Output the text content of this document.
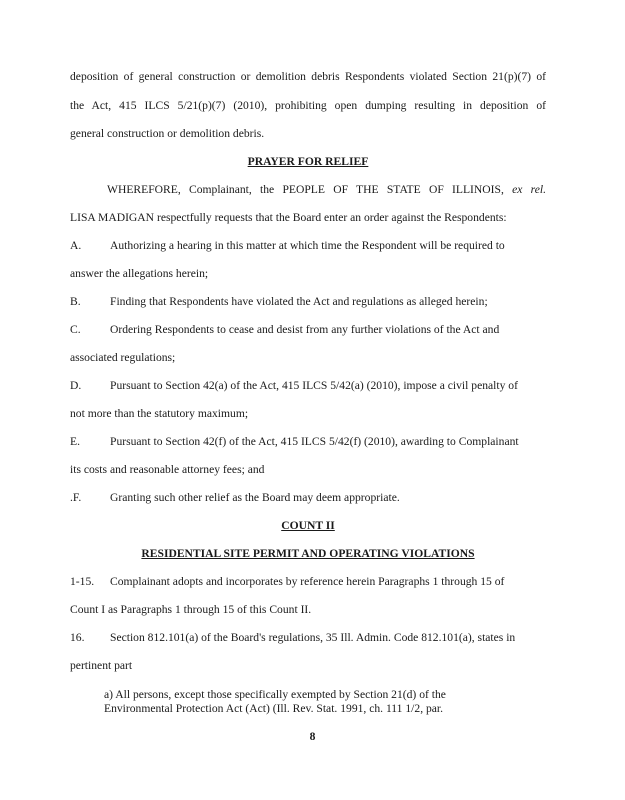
deposition of general construction or demolition debris Respondents violated Section 21(p)(7) of
the Act, 415 ILCS 5/21(p)(7) (2010), prohibiting open dumping resulting in deposition of
general construction or demolition debris.
PRAYER FOR RELIEF
WHEREFORE, Complainant, the PEOPLE OF THE STATE OF ILLINOIS, ex rel.
LISA MADIGAN respectfully requests that the Board enter an order against the Respondents:
A. Authorizing a hearing in this matter at which time the Respondent will be required to
answer the allegations herein;
B.	Finding that Respondents have violated the Act and regulations as alleged herein;
C.	Ordering Respondents to cease and desist from any further violations of the Act and
associated regulations;
D. Pursuant to Section 42(a) of the Act, 415 ILCS 5/42(a) (2010), impose a civil penalty of
not more than the statutory maximum;
E.	Pursuant to Section 42(f) of the Act, 415 ILCS 5/42(f) (2010), awarding to Complainant
its costs and reasonable attorney fees; and
.F. Granting such other relief as the Board may deem appropriate.
COUNT II
RESIDENTIAL SITE PERMIT AND OPERATING VIOLATIONS
1-15. Complainant adopts and incorporates by reference herein Paragraphs 1 through 15 of
Count I as Paragraphs 1 through 15 of this Count II.
16. Section 812.101(a) of the Board's regulations, 35 Ill. Admin. Code 812.101(a), states in
pertinent part
a) All persons, except those specifically exempted by Section 21(d) of the
Environmental Protection Act (Act) (Ill. Rev. Stat. 1991, ch. 111 1/2, par.
8
